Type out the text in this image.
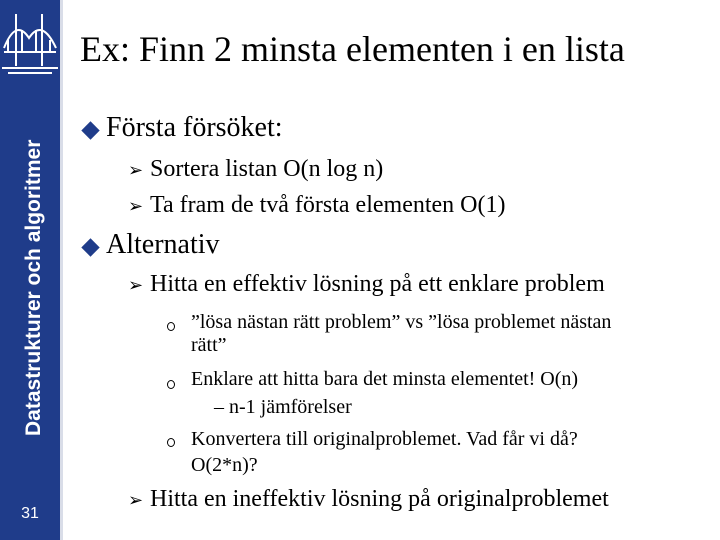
Datastrukturer och algoritmer
31
Ex: Finn 2 minsta elementen i en lista
Första försöket:
➢ Sortera listan O(n log n)
➢ Ta fram de två första elementen O(1)
Alternativ
➢ Hitta en effektiv lösning på ett enklare problem
”lösa nästan rätt problem” vs ”lösa problemet nästan
rätt”
Enklare att hitta bara det minsta elementet! O(n)
– n-1 jämförelser
Konvertera till originalproblemet. Vad får vi då?
O(2*n)?
➢ Hitta en ineffektiv lösning på originalproblemet
